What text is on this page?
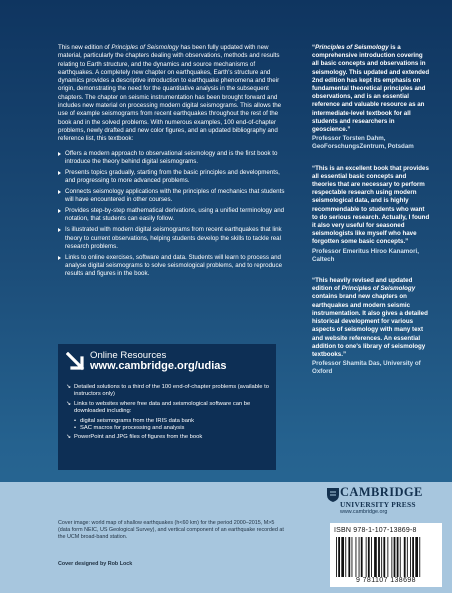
This new edition of Principles of Seismology has been fully updated with new material, particularly the chapters dealing with observations, methods and results relating to Earth structure, and the dynamics and source mechanisms of earthquakes. A completely new chapter on earthquakes, Earth's structure and dynamics provides a descriptive introduction to earthquake phenomena and their origin, demonstrating the need for the quantitative analysis in the subsequent chapters. The chapter on seismic instrumentation has been brought forward and includes new material on processing modern digital seismograms. This allows the use of example seismograms from recent earthquakes throughout the rest of the book and in the solved problems. With numerous examples, 100 end-of-chapter problems, newly drafted and new color figures, and an updated bibliography and reference list, this textbook:

Offers a modern approach to observational seismology and is the first book to introduce the theory behind digital seismograms.
Presents topics gradually, starting from the basic principles and developments, and progressing to more advanced problems.
Connects seismology applications with the principles of mechanics that students will have encountered in other courses.
Provides step-by-step mathematical derivations, using a unified terminology and notation, that students can easily follow.
Is illustrated with modern digital seismograms from recent earthquakes that link theory to current observations, helping students develop the skills to tackle real research problems.
Links to online exercises, software and data. Students will learn to process and analyse digital seismograms to solve seismological problems, and to reproduce results and figures in the book.

“Principles of Seismology is a comprehensive introduction covering all basic concepts and observations in seismology. This updated and extended 2nd edition has kept its emphasis on fundamental theoretical principles and observations, and is an essential reference and valuable resource as an intermediate-level textbook for all students and researchers in geoscience.”

Professor Torsten Dahm, GeoForschungsZentrum, Potsdam

“This is an excellent book that provides all essential basic concepts and theories that are necessary to perform respectable research using modern seismological data, and is highly recommendable to students who want to do serious research. Actually, I found it also very useful for seasoned seismologists like myself who have forgotten some basic concepts.”

Professor Emeritus Hiroo Kanamori, Caltech

“This heavily revised and updated edition of Principles of Seismology contains brand new chapters on earthquakes and modern seismic instrumentation. It also gives a detailed historical development for various aspects of seismology with many text and website references. An essential addition to one's library of seismology textbooks.”

Professor Shamita Das, University of Oxford

Online Resources
www.cambridge.org/udias
↘ Detailed solutions to a third of the 100 end-of-chapter problems (available to instructors only)
↘ Links to websites where free data and seismological software can be downloaded including:
• digital seismograms from the IRIS data bank
• SAC macros for processing and analysis
↘ PowerPoint and JPG files of figures from the book
Cover image: world map of shallow earthquakes (h<60 km) for the period 2000–2015, M>5 (data form NEIC, US Geological Survey), and vertical component of an earthquake recorded at the UCM broad-band station.
Cover designed by Rob Lock
CAMBRIDGE
UNIVERSITY PRESS
www.cambridge.org
ISBN 978-1-107-13869-8
9 781107 138698
